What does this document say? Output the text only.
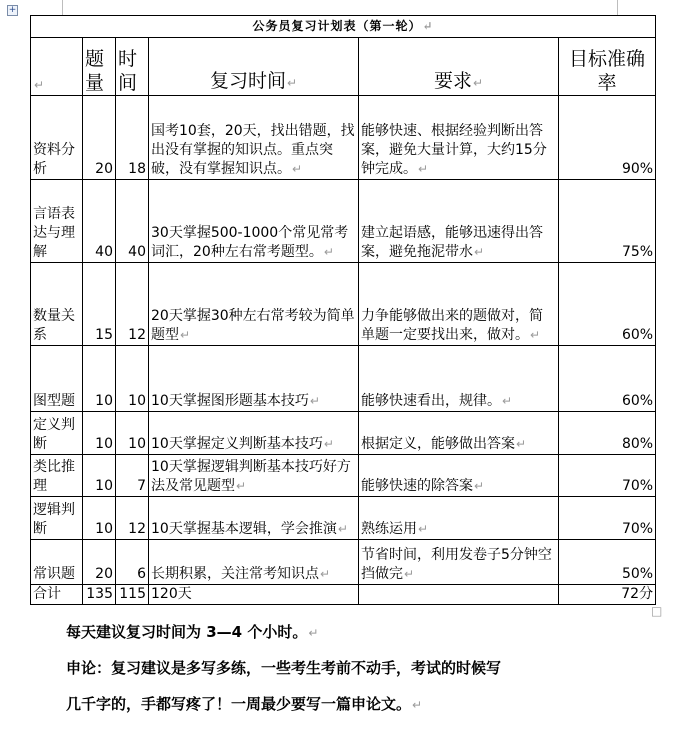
+
公务员复习计划表（第一轮）↵					
↵	题量	时间	复习时间↵	要求↵	目标准确率
资料分析	20	18	国考10套，20天，找出错题，找出没有掌握的知识点。重点突破，没有掌握知识点。↵	能够快速、根据经验判断出答案，避免大量计算，大约15分钟完成。↵	90%
言语表达与理解	40	40	30天掌握500-1000个常见常考词汇，20种左右常考题型。↵	建立起语感，能够迅速得出答案，避免拖泥带水↵	75%
数量关系	15	12	20天掌握30种左右常考较为简单题型↵	力争能够做出来的题做对，简单题一定要找出来，做对。↵	60%
图型题	10	10	10天掌握图形题基本技巧↵	能够快速看出，规律。↵	60%
定义判断	10	10	10天掌握定义判断基本技巧↵	根据定义，能够做出答案↵	80%
类比推理	10	7	10天掌握逻辑判断基本技巧好方法及常见题型↵	能够快速的除答案↵	70%
逻辑判断	10	12	10天掌握基本逻辑，学会推演↵	熟练运用↵	70%
常识题	20	6	长期积累，关注常考知识点↵	节省时间，利用发卷子5分钟空挡做完↵	50%
合计	135	115	120天		72分
每天建议复习时间为 3—4 个小时。↵
申论：复习建议是多写多练，一些考生考前不动手，考试的时候写
几千字的，手都写疼了！一周最少要写一篇申论文。↵
□
